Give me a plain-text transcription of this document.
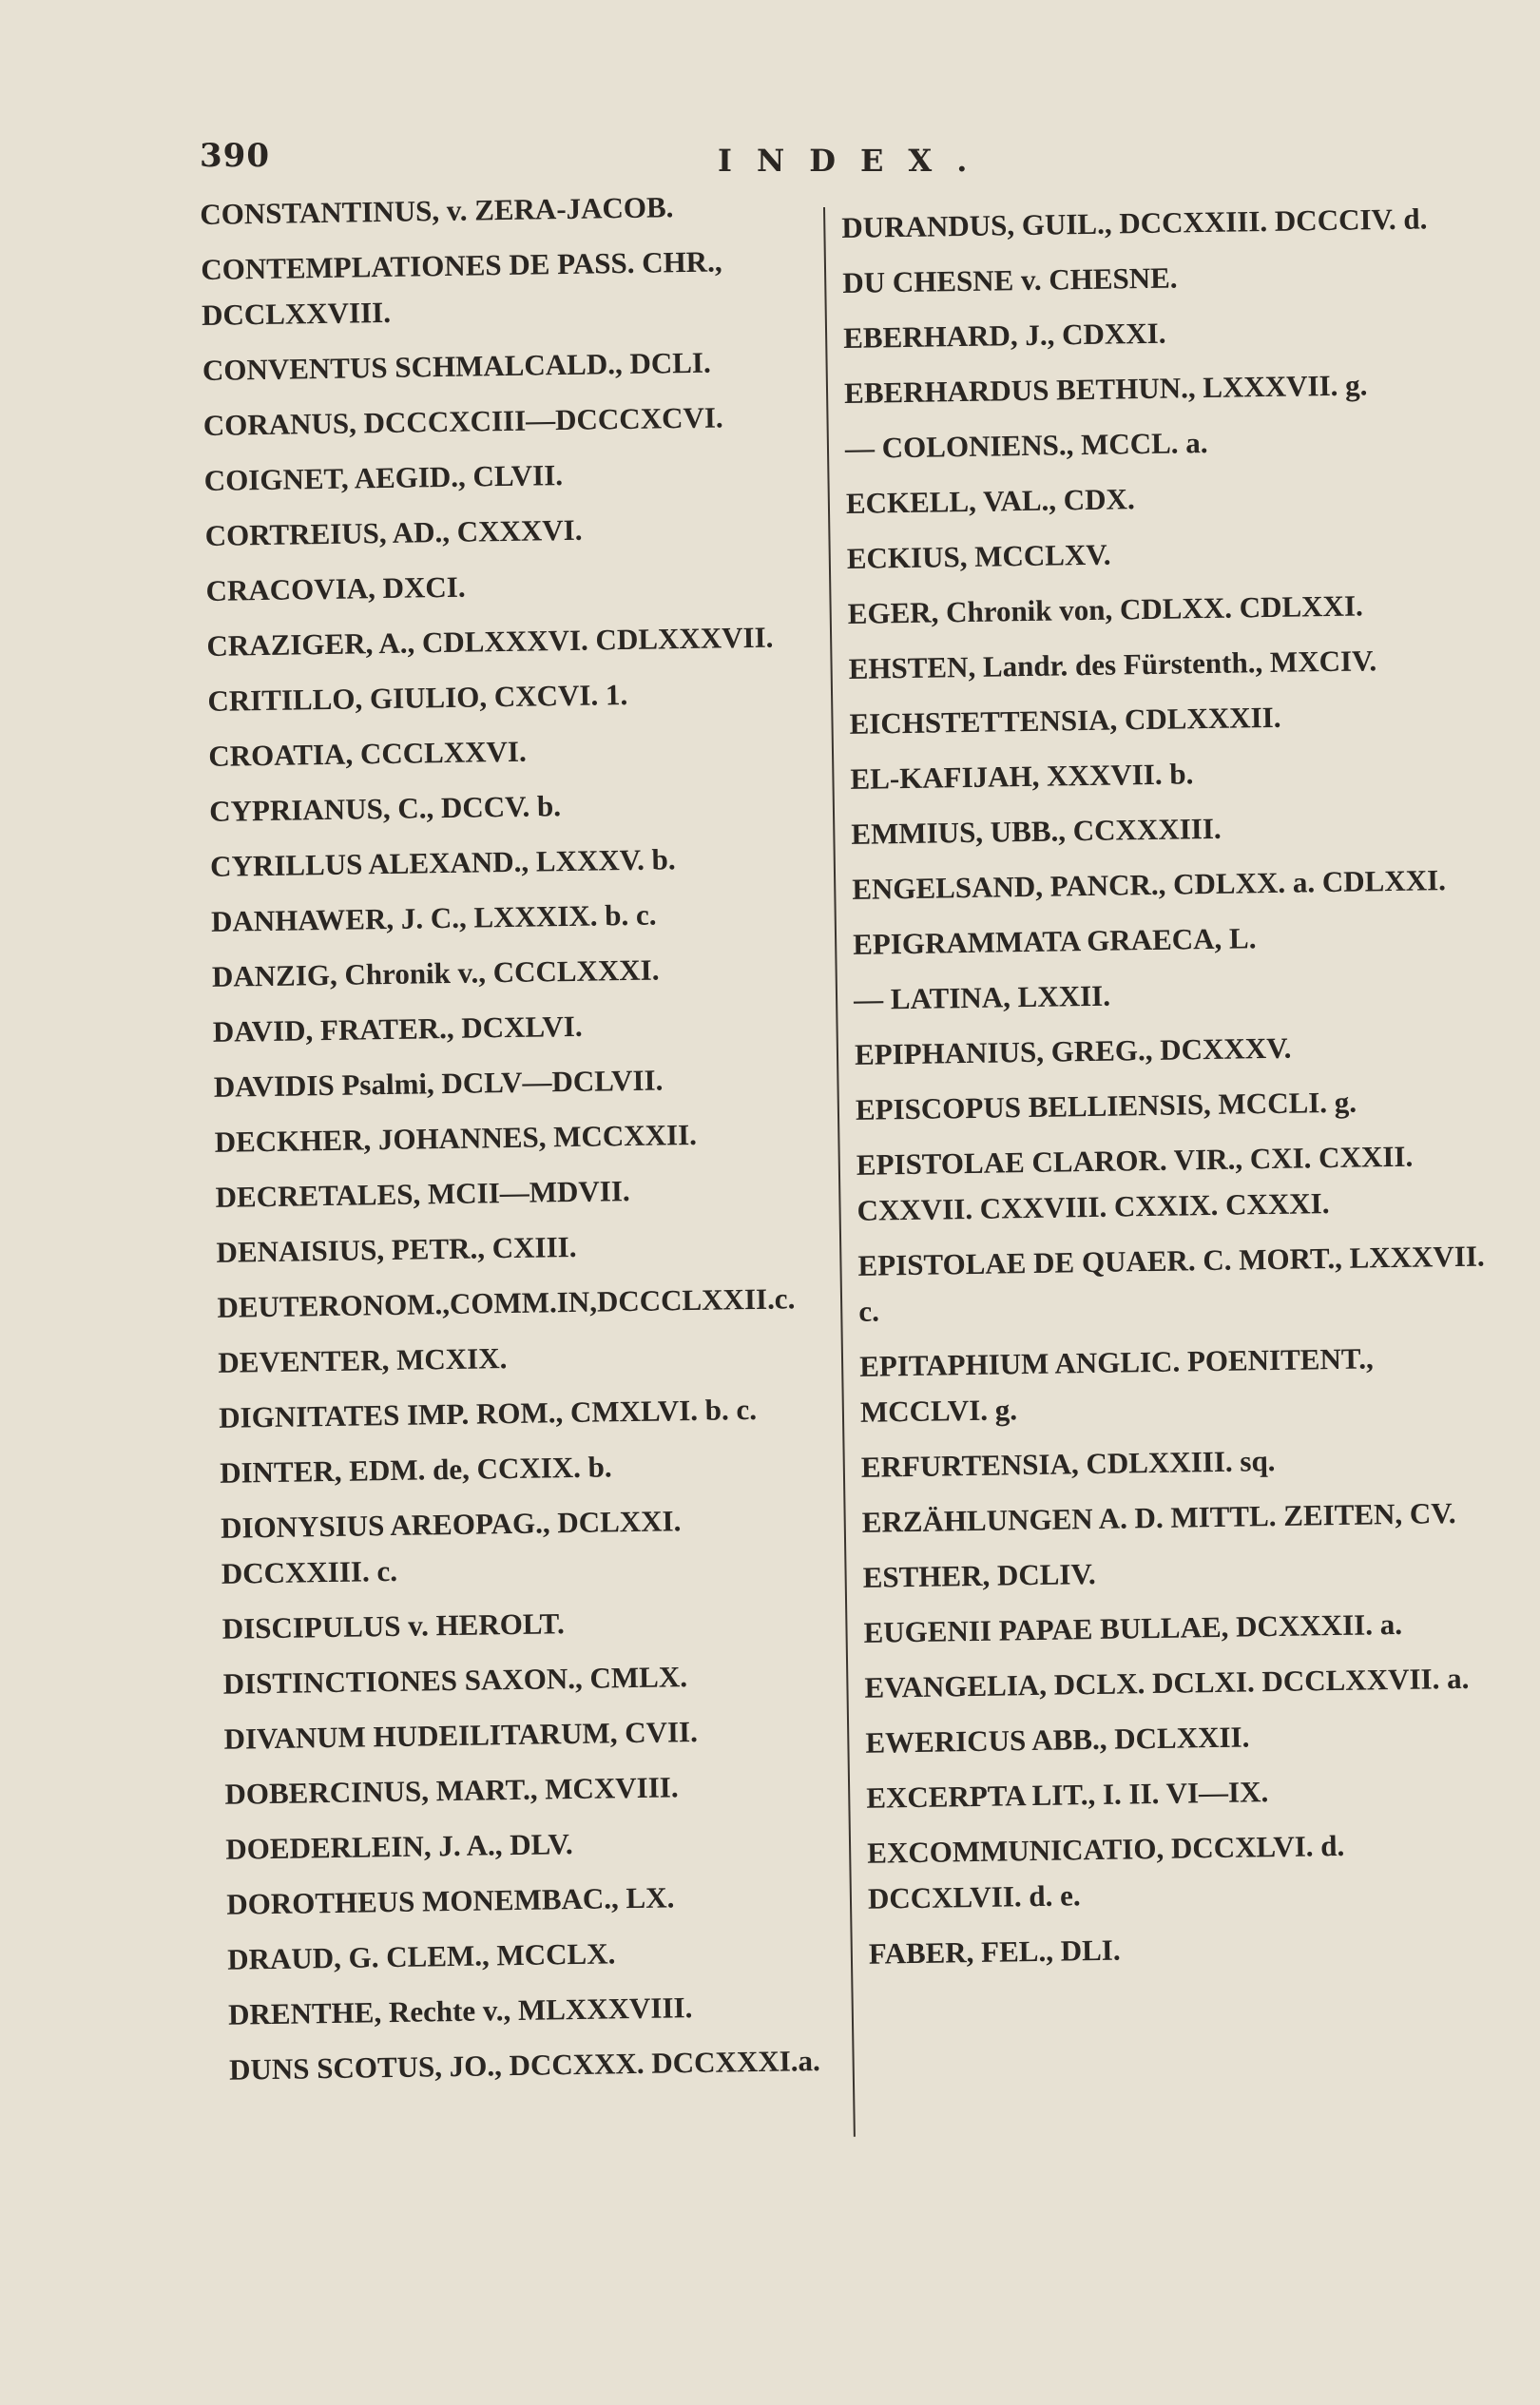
390	INDEX.
CONSTANTINUS, v. ZERA-JACOB.
CONTEMPLATIONES DE PASS. CHR., DCCLXXVIII.
CONVENTUS SCHMALCALD., DCLI.
CORANUS, DCCCXCIII—DCCCXCVI.
COIGNET, AEGID., CLVII.
CORTREIUS, AD., CXXXVI.
CRACOVIA, DXCI.
CRAZIGER, A., CDLXXXVI. CDLXXXVII.
CRITILLO, GIULIO, CXCVI. 1.
CROATIA, CCCLXXVI.
CYPRIANUS, C., DCCV. b.
CYRILLUS ALEXAND., LXXXV. b.
DANHAWER, J. C., LXXXIX. b. c.
DANZIG, Chronik v., CCCLXXXI.
DAVID, FRATER., DCXLVI.
DAVIDIS Psalmi, DCLV—DCLVII.
DECKHER, JOHANNES, MCCXXII.
DECRETALES, MCII—MDVII.
DENAISIUS, PETR., CXIII.
DEUTERONOM.,COMM.IN,DCCCLXXII.c.
DEVENTER, MCXIX.
DIGNITATES IMP. ROM., CMXLVI. b. c.
DINTER, EDM. de, CCXIX. b.
DIONYSIUS AREOPAG., DCLXXI. DCCXXIII. c.
DISCIPULUS v. HEROLT.
DISTINCTIONES SAXON., CMLX.
DIVANUM HUDEILITARUM, CVII.
DOBERCINUS, MART., MCXVIII.
DOEDERLEIN, J. A., DLV.
DOROTHEUS MONEMBAC., LX.
DRAUD, G. CLEM., MCCLX.
DRENTHE, Rechte v., MLXXXVIII.
DUNS SCOTUS, JO., DCCXXX. DCCXXXI.a.
DURANDUS, GUIL., DCCXXIII. DCCCIV. d.
DU CHESNE v. CHESNE.
EBERHARD, J., CDXXI.
EBERHARDUS BETHUN., LXXXVII. g.
— COLONIENS., MCCL. a.
ECKELL, VAL., CDX.
ECKIUS, MCCLXV.
EGER, Chronik von, CDLXX. CDLXXI.
EHSTEN, Landr. des Fürstenth., MXCIV.
EICHSTETTENSIA, CDLXXXII.
EL-KAFIJAH, XXXVII. b.
EMMIUS, UBB., CCXXXIII.
ENGELSAND, PANCR., CDLXX. a. CDLXXI.
EPIGRAMMATA GRAECA, L.
— LATINA, LXXII.
EPIPHANIUS, GREG., DCXXXV.
EPISCOPUS BELLIENSIS, MCCLI. g.
EPISTOLAE CLAROR. VIR., CXI. CXXII. CXXVII. CXXVIII. CXXIX. CXXXI.
EPISTOLAE DE QUAER. C. MORT., LXXXVII. c.
EPITAPHIUM ANGLIC. POENITENT., MCCLVI. g.
ERFURTENSIA, CDLXXIII. sq.
ERZÄHLUNGEN A. D. MITTL. ZEITEN, CV.
ESTHER, DCLIV.
EUGENII PAPAE BULLAE, DCXXXII. a.
EVANGELIA, DCLX. DCLXI. DCCLXXVII. a.
EWERICUS ABB., DCLXXII.
EXCERPTA LIT., I. II. VI—IX.
EXCOMMUNICATIO, DCCXLVI. d. DCCXLVII. d. e.
FABER, FEL., DLI.
